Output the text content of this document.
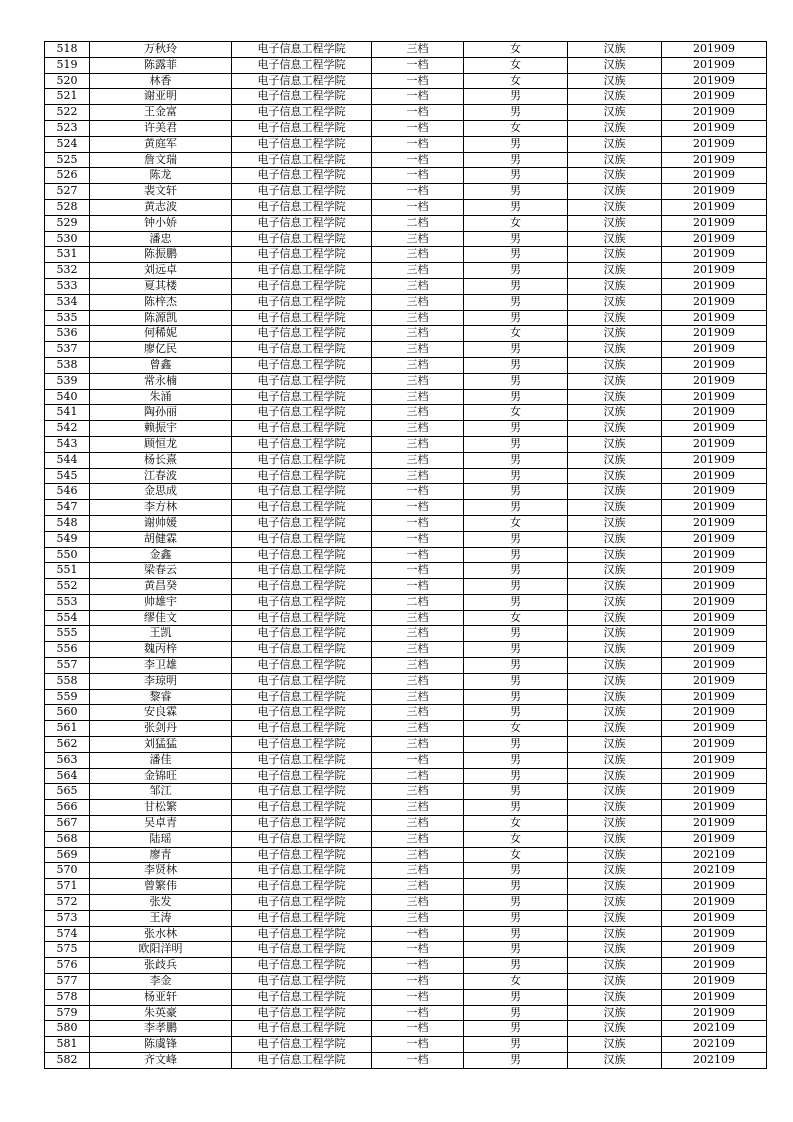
518	万秋玲	电子信息工程学院	三档	女	汉族	201909
519	陈露菲	电子信息工程学院	一档	女	汉族	201909
520	林香	电子信息工程学院	一档	女	汉族	201909
521	谢亚明	电子信息工程学院	一档	男	汉族	201909
522	王金富	电子信息工程学院	一档	男	汉族	201909
523	许美君	电子信息工程学院	一档	女	汉族	201909
524	黄庭军	电子信息工程学院	一档	男	汉族	201909
525	詹文瑞	电子信息工程学院	一档	男	汉族	201909
526	陈龙	电子信息工程学院	一档	男	汉族	201909
527	裴文轩	电子信息工程学院	一档	男	汉族	201909
528	黄志波	电子信息工程学院	一档	男	汉族	201909
529	钟小娇	电子信息工程学院	二档	女	汉族	201909
530	潘忠	电子信息工程学院	三档	男	汉族	201909
531	陈振鹏	电子信息工程学院	三档	男	汉族	201909
532	刘远卓	电子信息工程学院	三档	男	汉族	201909
533	夏其楼	电子信息工程学院	三档	男	汉族	201909
534	陈梓杰	电子信息工程学院	三档	男	汉族	201909
535	陈源凯	电子信息工程学院	三档	男	汉族	201909
536	何稀妮	电子信息工程学院	三档	女	汉族	201909
537	廖亿民	电子信息工程学院	三档	男	汉族	201909
538	曾鑫	电子信息工程学院	三档	男	汉族	201909
539	常永楠	电子信息工程学院	三档	男	汉族	201909
540	朱涌	电子信息工程学院	三档	男	汉族	201909
541	陶孙丽	电子信息工程学院	三档	女	汉族	201909
542	赖振宇	电子信息工程学院	三档	男	汉族	201909
543	顾恒龙	电子信息工程学院	三档	男	汉族	201909
544	杨长熹	电子信息工程学院	三档	男	汉族	201909
545	江春波	电子信息工程学院	三档	男	汉族	201909
546	金思成	电子信息工程学院	一档	男	汉族	201909
547	李方林	电子信息工程学院	一档	男	汉族	201909
548	谢帅媛	电子信息工程学院	一档	女	汉族	201909
549	胡健霖	电子信息工程学院	一档	男	汉族	201909
550	金鑫	电子信息工程学院	一档	男	汉族	201909
551	梁春云	电子信息工程学院	一档	男	汉族	201909
552	黄昌癸	电子信息工程学院	一档	男	汉族	201909
553	帅雄宇	电子信息工程学院	二档	男	汉族	201909
554	缪佳文	电子信息工程学院	三档	女	汉族	201909
555	王凯	电子信息工程学院	三档	男	汉族	201909
556	魏丙梓	电子信息工程学院	三档	男	汉族	201909
557	李卫雄	电子信息工程学院	三档	男	汉族	201909
558	李琼明	电子信息工程学院	三档	男	汉族	201909
559	黎睿	电子信息工程学院	三档	男	汉族	201909
560	安良霖	电子信息工程学院	三档	男	汉族	201909
561	张剑丹	电子信息工程学院	三档	女	汉族	201909
562	刘猛猛	电子信息工程学院	三档	男	汉族	201909
563	潘佳	电子信息工程学院	一档	男	汉族	201909
564	金锦旺	电子信息工程学院	二档	男	汉族	201909
565	邹江	电子信息工程学院	三档	男	汉族	201909
566	甘松繁	电子信息工程学院	三档	男	汉族	201909
567	吴卓青	电子信息工程学院	三档	女	汉族	201909
568	陆瑶	电子信息工程学院	三档	女	汉族	201909
569	廖青	电子信息工程学院	三档	女	汉族	202109
570	李贤林	电子信息工程学院	三档	男	汉族	202109
571	曾繁伟	电子信息工程学院	三档	男	汉族	201909
572	张发	电子信息工程学院	三档	男	汉族	201909
573	王涛	电子信息工程学院	三档	男	汉族	201909
574	张水林	电子信息工程学院	一档	男	汉族	201909
575	欧阳洋明	电子信息工程学院	一档	男	汉族	201909
576	张歧兵	电子信息工程学院	一档	男	汉族	201909
577	李金	电子信息工程学院	一档	女	汉族	201909
578	杨亚轩	电子信息工程学院	一档	男	汉族	201909
579	朱英豪	电子信息工程学院	一档	男	汉族	201909
580	李孝鹏	电子信息工程学院	一档	男	汉族	202109
581	陈虞锋	电子信息工程学院	一档	男	汉族	202109
582	齐文峰	电子信息工程学院	一档	男	汉族	202109
